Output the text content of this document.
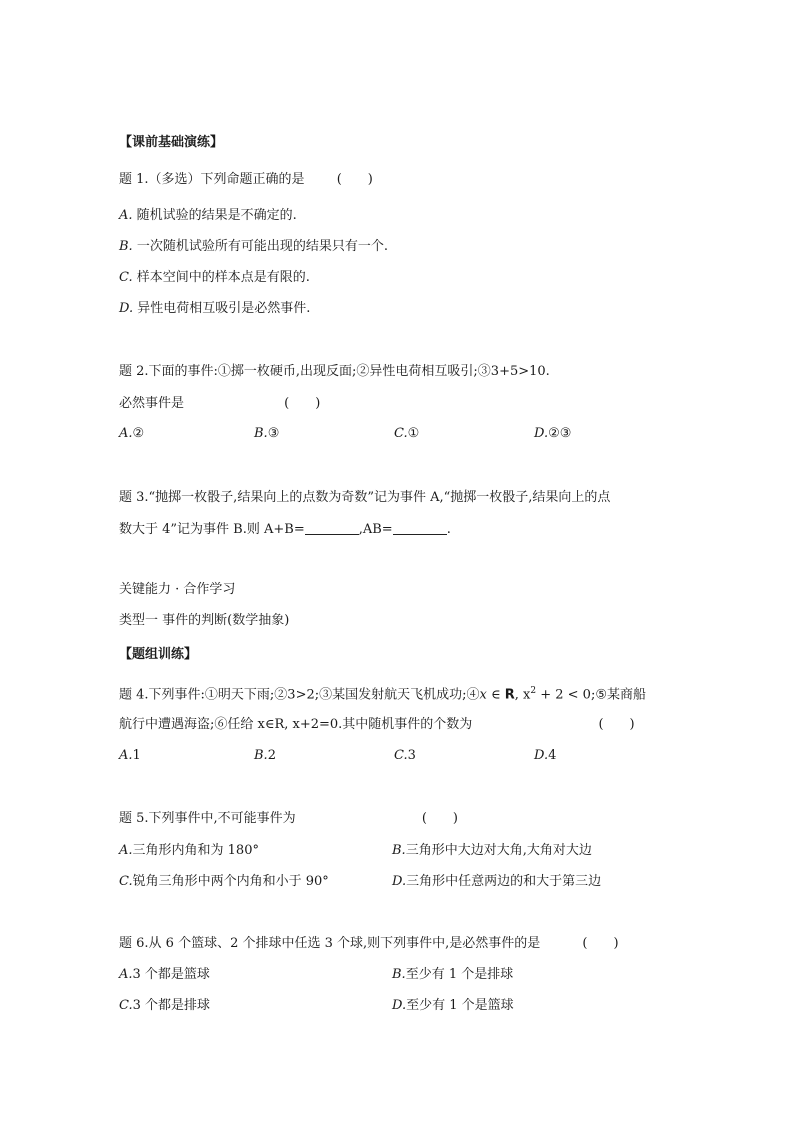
【课前基础演练】
题 1.（多选）下列命题正确的是 (　　)
A. 随机试验的结果是不确定的.
B. 一次随机试验所有可能出现的结果只有一个.
C. 样本空间中的样本点是有限的.
D. 异性电荷相互吸引是必然事件.
题 2.下面的事件:①掷一枚硬币,出现反面;②异性电荷相互吸引;③3+5>10.
必然事件是	(　　)
A.②	B.③	C.①	D.②③
题 3.“抛掷一枚骰子,结果向上的点数为奇数”记为事件 A,“抛掷一枚骰子,结果向上的点
数大于 4”记为事件 B.则 A+B=	,AB=	.
关键能力 · 合作学习
类型一 事件的判断(数学抽象)
【题组训练】
题 4.下列事件:①明天下雨;②3>2;③某国发射航天飞机成功;④x ∈ R, $x^2 + 2$ < 0;⑤某商船
航行中遭遇海盗;⑥任给 x∈R, x+2=0.其中随机事件的个数为	(　　)
A.1	B.2	C.3	D.4
题 5.下列事件中,不可能事件为	(　　)
A.三角形内角和为 180°	B.三角形中大边对大角,大角对大边
C.锐角三角形中两个内角和小于 90°	D.三角形中任意两边的和大于第三边
题 6.从 6 个篮球、2 个排球中任选 3 个球,则下列事件中,是必然事件的是	(　　)
A.3 个都是篮球	B.至少有 1 个是排球
C.3 个都是排球	D.至少有 1 个是篮球
